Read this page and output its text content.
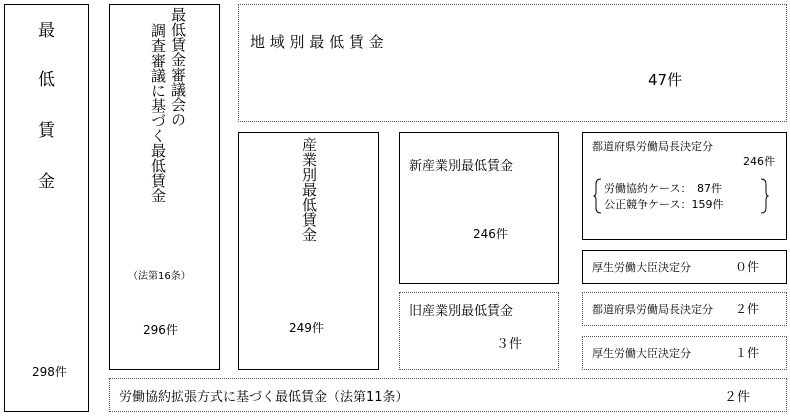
最
低
賃
金
298件
最低賃金審議会の
調査審議に基づく最低賃金
（法第16条）
296件
地 域 別 最 低 賃 金
47件
産業別最低賃金
249件
新産業別最低賃金
246件
都道府県労働局長決定分
246件
労働協約ケース：　87件
公正競争ケース：159件
厚生労働大臣決定分	０件
旧産業別最低賃金
３件
都道府県労働局長決定分 ２件
厚生労働大臣決定分	１件
労働協約拡張方式に基づく最低賃金（法第11条）	２件
